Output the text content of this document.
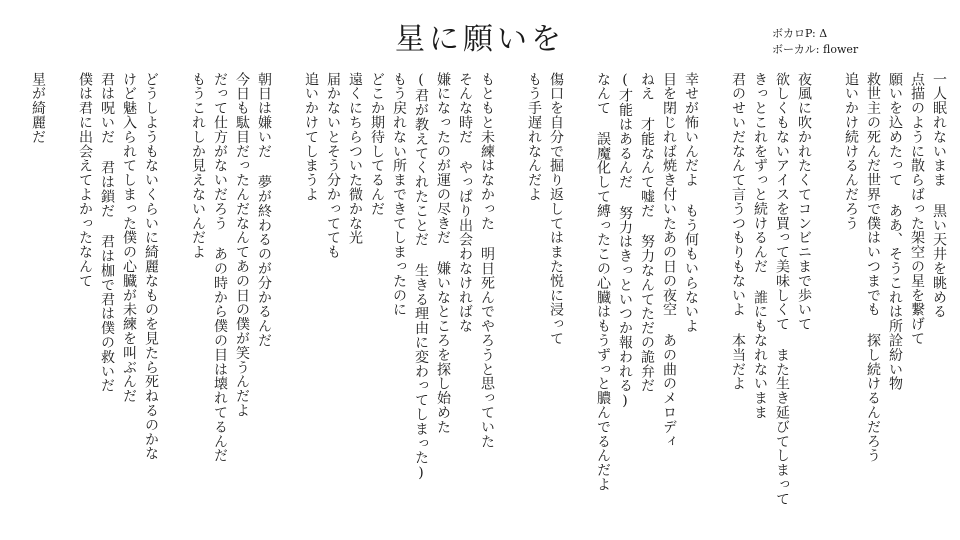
星に願いを	ボカロP: Δ
ボーカル: flower
一人眠れないまま 黒い天井を眺める
点描のように散らばった架空の星を繋げて
願いを込めたって ああ、そうこれは所詮紛い物
救世主の死んだ世界で僕はいつまでも 探し続けるんだろう
追いかけ続けるんだろう
夜風に吹かれたくてコンビニまで歩いて
欲しくもないアイスを買って美味しくて また生き延びてしまって
きっとこれをずっと続けるんだ 誰にもなれないまま
君のせいだなんて言うつもりもないよ 本当だよ
幸せが怖いんだよ もう何もいらないよ
目を閉じれば焼き付いたあの日の夜空 あの曲のメロディ
ねえ 才能なんて嘘だ 努力なんてただの詭弁だ
(才能はあるんだ 努力はきっといつか報われる)
なんて 誤魔化して縛ったこの心臓はもうずっと膿んでるんだよ
傷口を自分で掘り返してはまた悦に浸って
もう手遅れなんだよ
もともと未練はなかった 明日死んでやろうと思っていた
そんな時だ やっぱり出会わなければな
嫌になったのが運の尽きだ 嫌いなところを探し始めた
(君が教えてくれたことだ 生きる理由に変わってしまった)
もう戻れない所まできてしまったのに
どこか期待してるんだ
遠くにちらついた微かな光
届かないとそう分かってても
追いかけてしまうよ
朝日は嫌いだ 夢が終わるのが分かるんだ
今日も駄目だったんだなんてあの日の僕が笑うんだよ
だって仕方がないだろう あの時から僕の目は壊れてるんだ
もうこれしか見えないんだよ
どうしようもないくらいに綺麗なものを見たら死ねるのかな
けど魅入られてしまった僕の心臓が未練を叫ぶんだ
君は呪いだ 君は鎖だ 君は枷で君は僕の救いだ
僕は君に出会えてよかったなんて
星が綺麗だ
